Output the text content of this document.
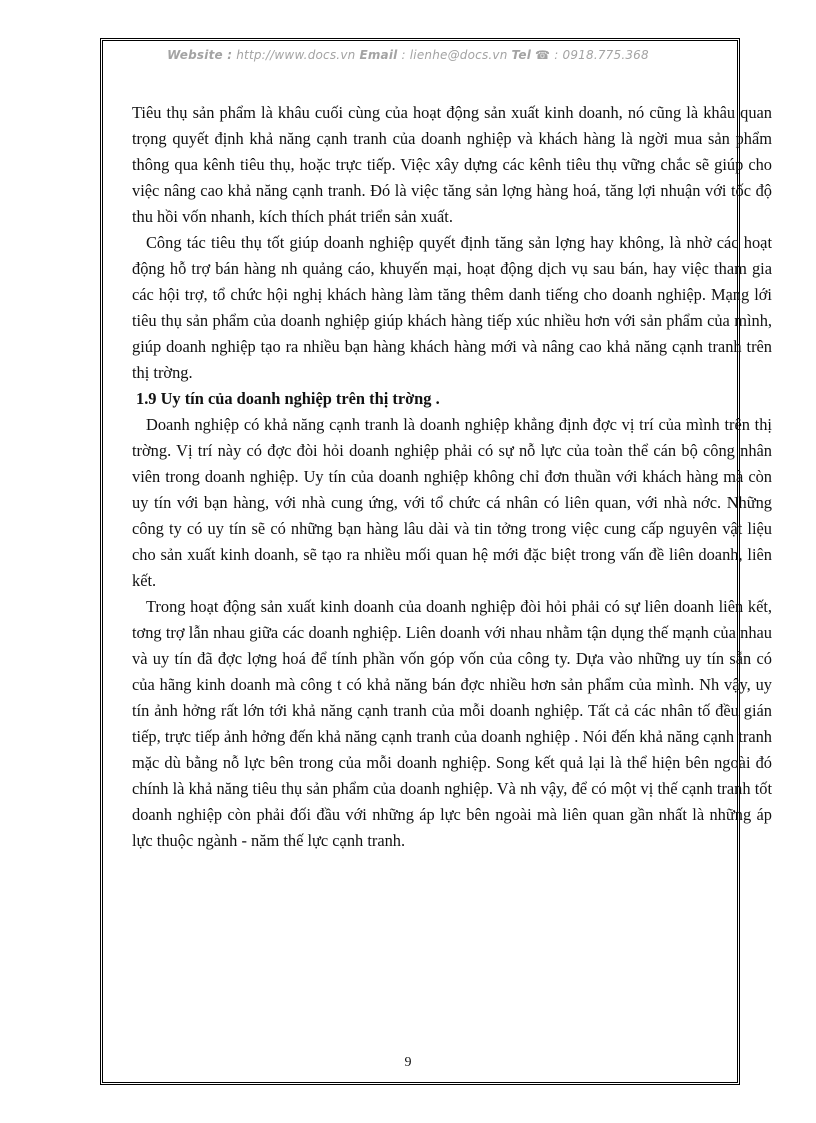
Website : http://www.docs.vn Email : lienhe@docs.vn Tel ☎ : 0918.775.368

Tiêu thụ sản phẩm là khâu cuối cùng của hoạt động sản xuất kinh doanh, nó cũng là khâu quan trọng quyết định khả năng cạnh tranh của doanh nghiệp và khách hàng là ngời mua sản phẩm thông qua kênh tiêu thụ, hoặc trực tiếp. Việc xây dựng các kênh tiêu thụ vững chắc sẽ giúp cho việc nâng cao khả năng cạnh tranh. Đó là việc tăng sản lợng hàng hoá, tăng lợi nhuận với tốc độ thu hồi vốn nhanh, kích thích phát triển sản xuất.

Công tác tiêu thụ tốt giúp doanh nghiệp quyết định tăng sản lợng hay không, là nhờ các hoạt động hỗ trợ bán hàng nh quảng cáo, khuyến mại, hoạt động dịch vụ sau bán, hay việc tham gia các hội trợ, tổ chức hội nghị khách hàng làm tăng thêm danh tiếng cho doanh nghiệp. Mạng lới tiêu thụ sản phẩm của doanh nghiệp giúp khách hàng tiếp xúc nhiều hơn với sản phẩm của mình, giúp doanh nghiệp tạo ra nhiều bạn hàng khách hàng mới và nâng cao khả năng cạnh tranh trên thị trờng.

1.9 Uy tín của doanh nghiệp trên thị trờng .

Doanh nghiệp có khả năng cạnh tranh là doanh nghiệp khẳng định đợc vị trí của mình trên thị trờng. Vị trí này có đợc đòi hỏi doanh nghiệp phải có sự nỗ lực của toàn thể cán bộ công nhân viên trong doanh nghiệp. Uy tín của doanh nghiệp không chỉ đơn thuần với khách hàng mà còn uy tín với bạn hàng, với nhà cung ứng, với tổ chức cá nhân có liên quan, với nhà nớc. Những công ty có uy tín sẽ có những bạn hàng lâu dài và tin tởng trong việc cung cấp nguyên vật liệu cho sản xuất kinh doanh, sẽ tạo ra nhiều mối quan hệ mới đặc biệt trong vấn đề liên doanh, liên kết.

Trong hoạt động sản xuất kinh doanh của doanh nghiệp đòi hỏi phải có sự liên doanh liên kết, tơng trợ lẫn nhau giữa các doanh nghiệp. Liên doanh với nhau nhằm tận dụng thế mạnh của nhau và uy tín đã đợc lợng hoá để tính phần vốn góp vốn của công ty. Dựa vào những uy tín sẵn có của hãng kinh doanh mà công t có khả năng bán đợc nhiều hơn sản phẩm của mình. Nh vậy, uy tín ảnh hởng rất lớn tới khả năng cạnh tranh của mỗi doanh nghiệp. Tất cả các nhân tố đều gián tiếp, trực tiếp ảnh hởng đến khả năng cạnh tranh của doanh nghiệp . Nói đến khả năng cạnh tranh mặc dù bằng nỗ lực bên trong của mỗi doanh nghiệp. Song kết quả lại là thể hiện bên ngoài đó chính là khả năng tiêu thụ sản phẩm của doanh nghiệp. Và nh vậy, để có một vị thế cạnh tranh tốt doanh nghiệp còn phải đối đầu với những áp lực bên ngoài mà liên quan gần nhất là những áp lực thuộc ngành - năm thế lực cạnh tranh.

9
